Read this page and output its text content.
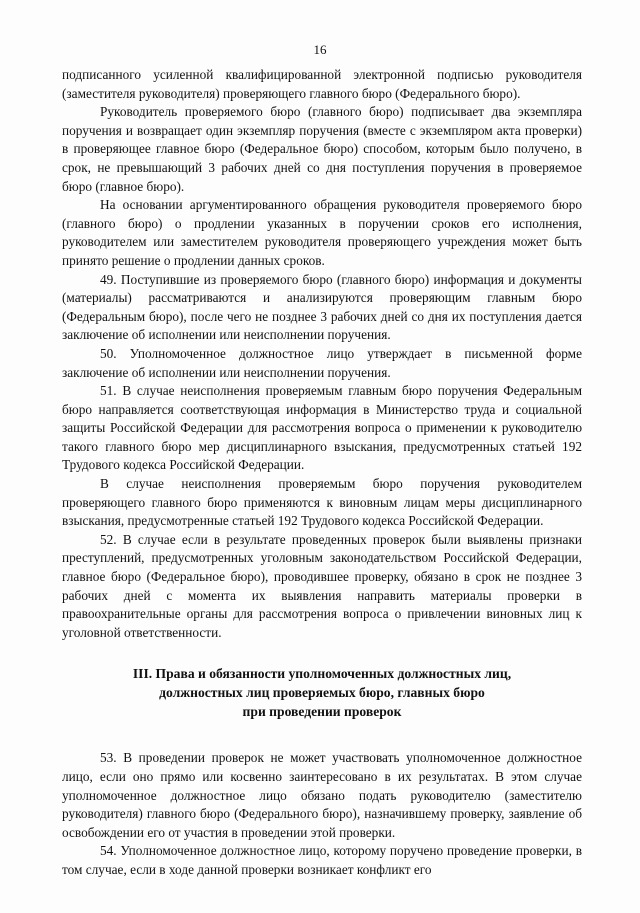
16

подписанного усиленной квалифицированной электронной подписью руководителя (заместителя руководителя) проверяющего главного бюро (Федерального бюро).

Руководитель проверяемого бюро (главного бюро) подписывает два экземпляра поручения и возвращает один экземпляр поручения (вместе с экземпляром акта проверки) в проверяющее главное бюро (Федеральное бюро) способом, которым было получено, в срок, не превышающий 3 рабочих дней со дня поступления поручения в проверяемое бюро (главное бюро).

На основании аргументированного обращения руководителя проверяемого бюро (главного бюро) о продлении указанных в поручении сроков его исполнения, руководителем или заместителем руководителя проверяющего учреждения может быть принято решение о продлении данных сроков.

49. Поступившие из проверяемого бюро (главного бюро) информация и документы (материалы) рассматриваются и анализируются проверяющим главным бюро (Федеральным бюро), после чего не позднее 3 рабочих дней со дня их поступления дается заключение об исполнении или неисполнении поручения.

50. Уполномоченное должностное лицо утверждает в письменной форме заключение об исполнении или неисполнении поручения.

51. В случае неисполнения проверяемым главным бюро поручения Федеральным бюро направляется соответствующая информация в Министерство труда и социальной защиты Российской Федерации для рассмотрения вопроса о применении к руководителю такого главного бюро мер дисциплинарного взыскания, предусмотренных статьей 192 Трудового кодекса Российской Федерации.

В случае неисполнения проверяемым бюро поручения руководителем проверяющего главного бюро применяются к виновным лицам меры дисциплинарного взыскания, предусмотренные статьей 192 Трудового кодекса Российской Федерации.

52. В случае если в результате проведенных проверок были выявлены признаки преступлений, предусмотренных уголовным законодательством Российской Федерации, главное бюро (Федеральное бюро), проводившее проверку, обязано в срок не позднее 3 рабочих дней с момента их выявления направить материалы проверки в правоохранительные органы для рассмотрения вопроса о привлечении виновных лиц к уголовной ответственности.

III. Права и обязанности уполномоченных должностных лиц,
должностных лиц проверяемых бюро, главных бюро
при проведении проверок

53. В проведении проверок не может участвовать уполномоченное должностное лицо, если оно прямо или косвенно заинтересовано в их результатах. В этом случае уполномоченное должностное лицо обязано подать руководителю (заместителю руководителя) главного бюро (Федерального бюро), назначившему проверку, заявление об освобождении его от участия в проведении этой проверки.

54. Уполномоченное должностное лицо, которому поручено проведение проверки, в том случае, если в ходе данной проверки возникает конфликт его
